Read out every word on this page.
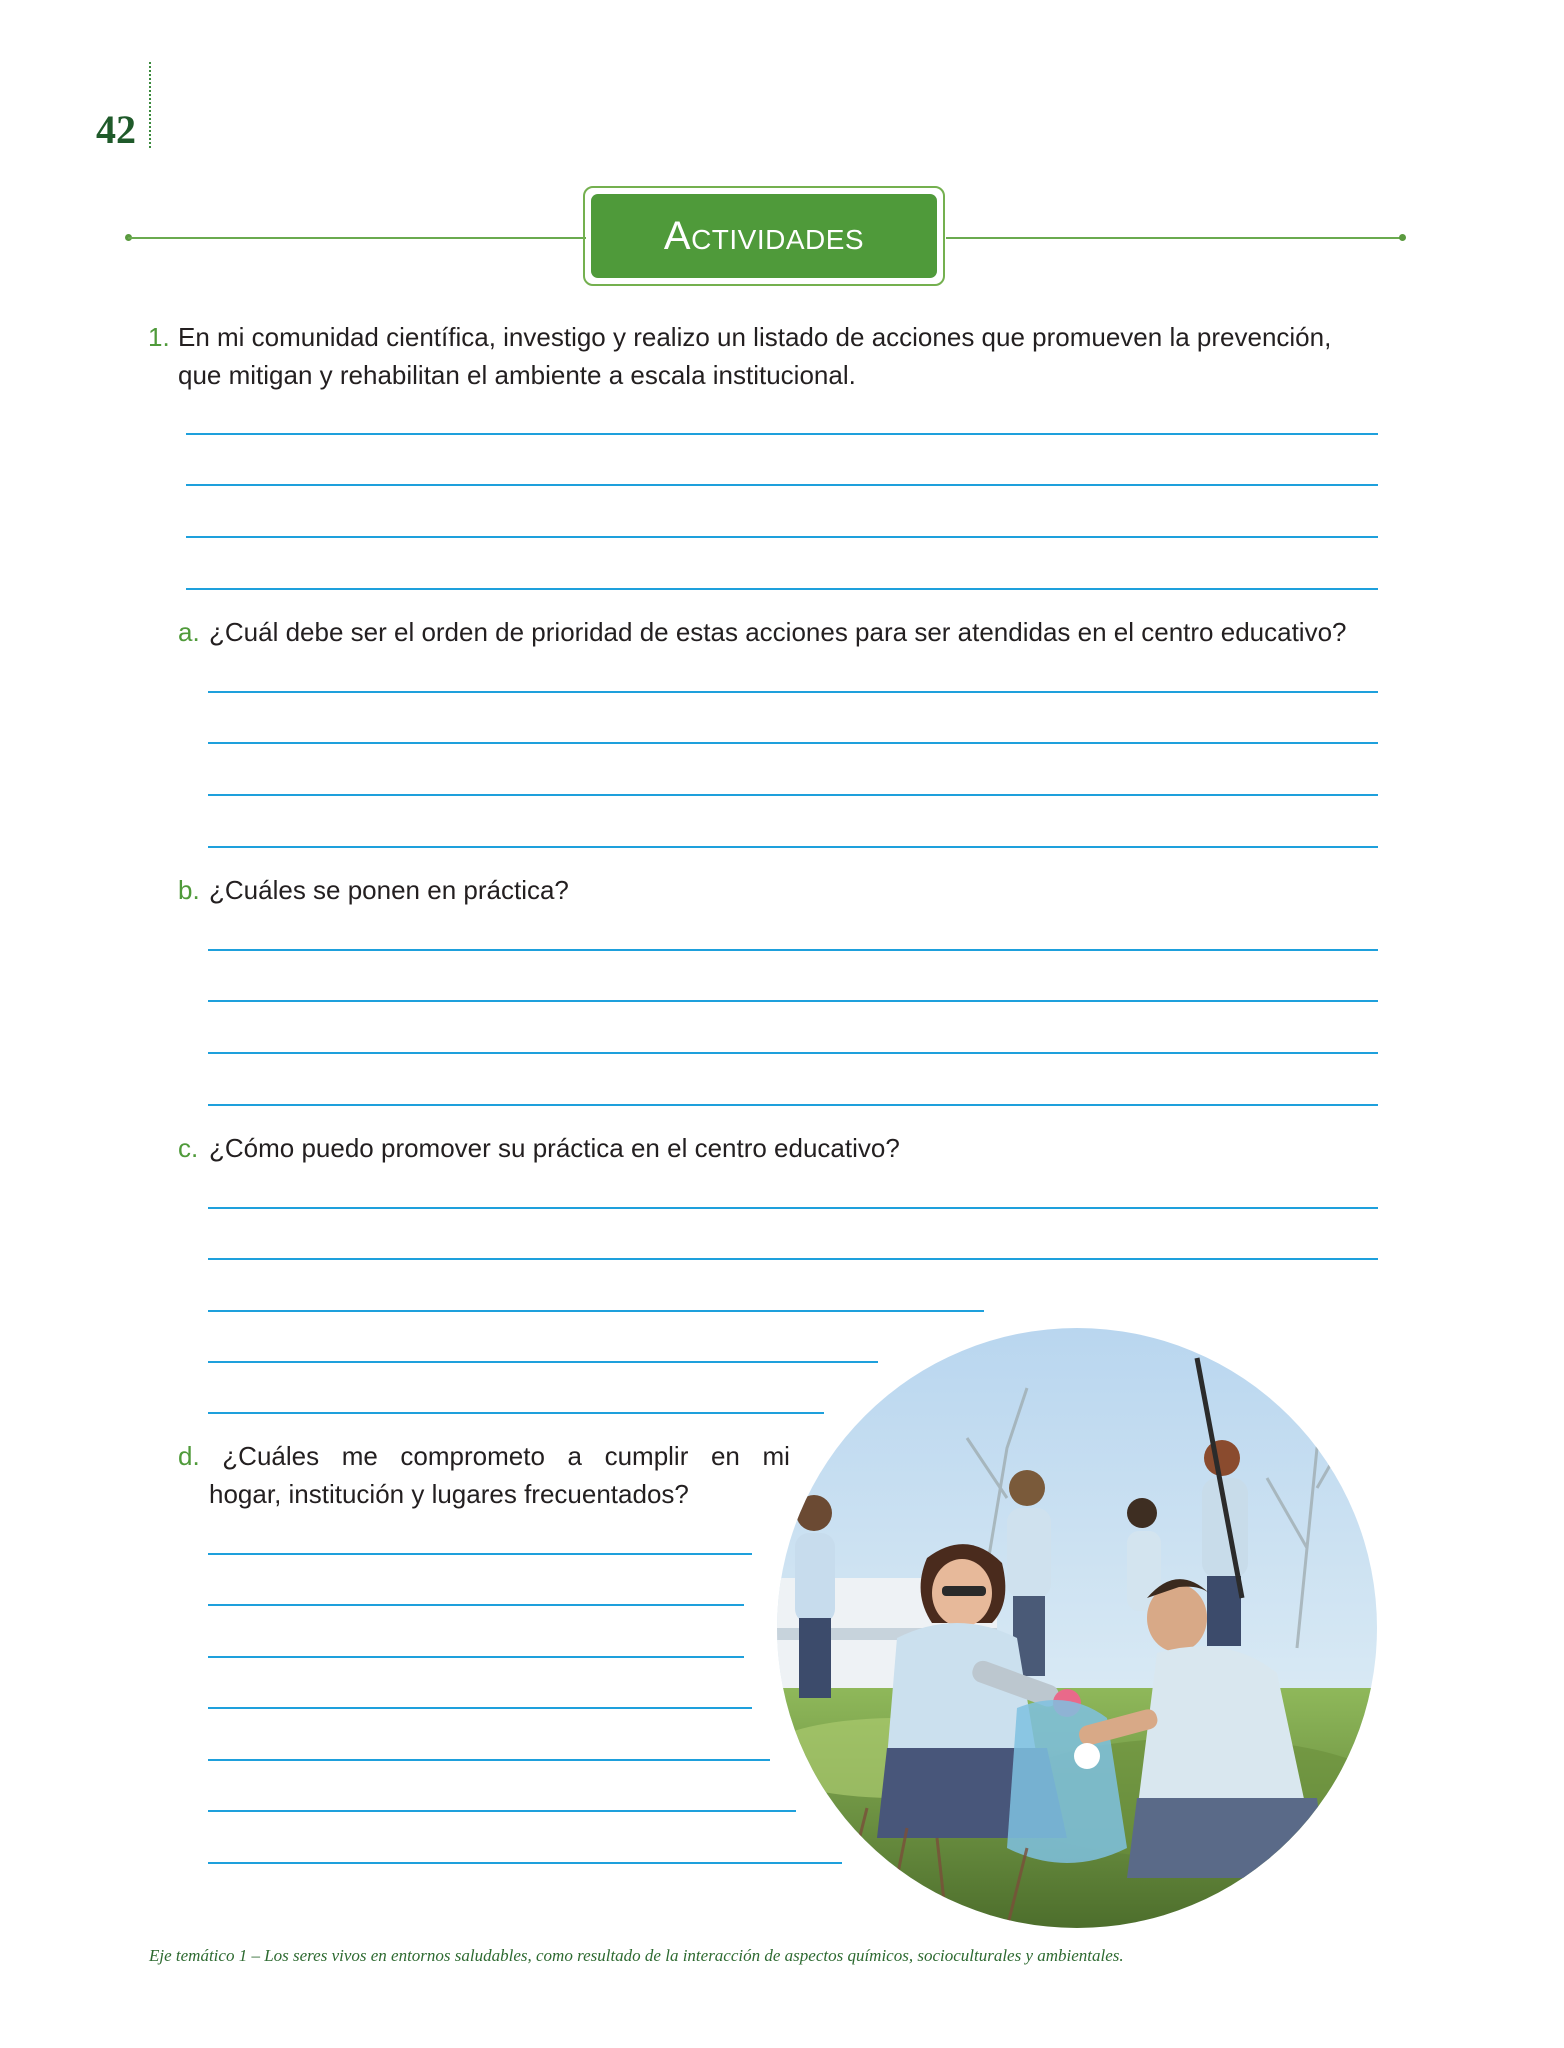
42
Actividades
1. En mi comunidad científica, investigo y realizo un listado de acciones que promueven la prevención,
que mitigan y rehabilitan el ambiente a escala institucional.
a. ¿Cuál debe ser el orden de prioridad de estas acciones para ser atendidas en el centro educativo?
b. ¿Cuáles se ponen en práctica?
c. ¿Cómo puedo promover su práctica en el centro educativo?
d. ¿Cuáles me comprometo a cumplir en mi
hogar, institución y lugares frecuentados?
Eje temático 1 – Los seres vivos en entornos saludables, como resultado de la interacción de aspectos químicos, socioculturales y ambientales.
